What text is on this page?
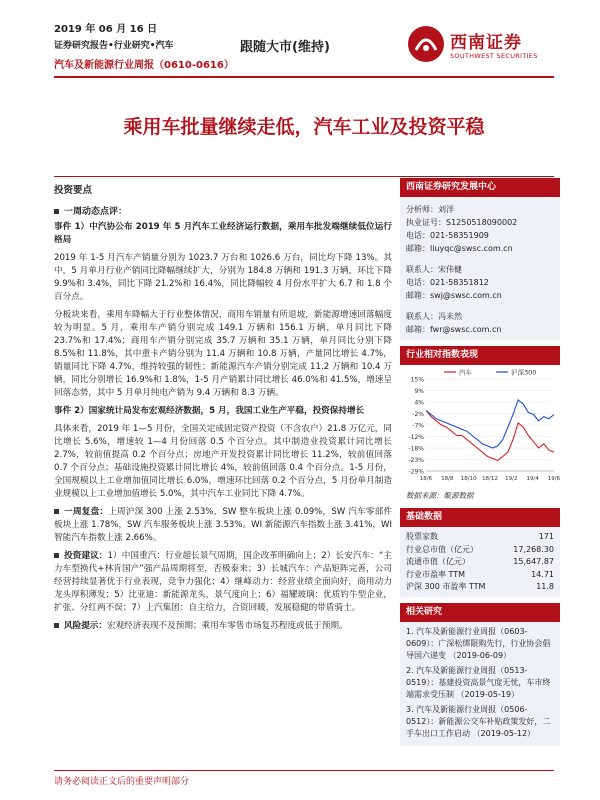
2019 年 06 月 16 日
证券研究报告•行业研究•汽车
汽车及新能源行业周报（0610-0616）
跟随大市(维持)	西南证券
SOUTHWEST SECURITIES
乘用车批量继续走低，汽车工业及投资平稳
投资要点
一周动态点评：

事件 1）中汽协公布 2019 年 5 月汽车工业经济运行数据，乘用车批发端继续低位运行格局

2019 年 1-5 月汽车产销量分别为 1023.7 万台和 1026.6 万台，同比均下降 13%。其中，5 月单月行业产销同比降幅继续扩大，分别为 184.8 万辆和 191.3 万辆，环比下降 9.9%和 3.4%，同比下降 21.2%和 16.4%，同比降幅较 4 月份水平扩大 6.7 和 1.8 个百分点。

分板块来看，乘用车降幅大于行业整体情况，商用车销量有所退坡，新能源增速回落幅度较为明显。5 月，乘用车产销分别完成 149.1 万辆和 156.1 万辆，单月同比下降 23.7%和 17.4%；商用车产销分别完成 35.7 万辆和 35.1 万辆，单月同比分别下降 8.5%和 11.8%，其中重卡产销分别为 11.4 万辆和 10.8 万辆，产量同比增长 4.7%，销量同比下降 4.7%，维持较强的韧性；新能源汽车产销分别完成 11.2 万辆和 10.4 万辆，同比分别增长 16.9%和 1.8%，1-5 月产销累计同比增长 46.0%和 41.5%，增速呈回落态势，其中 5 月单月纯电产销为 9.4 万辆和 8.3 万辆。

事件 2）国家统计局发布宏观经济数据，5 月，我国工业生产平稳，投资保持增长

具体来看，2019 年 1—5 月份，全国关定成固定资产投资（不含农户）21.8 万亿元，同比增长 5.6%，增速较 1—4 月份回落 0.5 个百分点。其中制造业投资累计同比增长 2.7%，较前值提高 0.2 个百分点；房地产开发投资累计同比增长 11.2%，较前值回落 0.7 个百分点；基础设施投资累计同比增长 4%，较前值回落 0.4 个百分点。1-5 月份，全国规模以上工业增加值同比增长 6.0%，增速环比回落 0.2 个百分点，5 月份单月制造业规模以上工业增加值增长 5.0%，其中汽车工业同比下降 4.7%。

一周复盘：上周沪深 300 上涨 2.53%，SW 整车板块上涨 0.09%，SW 汽车零部件板块上涨 1.78%，SW 汽车服务板块上涨 3.53%。WI 新能源汽车指数上涨 3.41%，WI 智能汽车指数上涨 2.66%。

投资建议：1）中国重汽：行业超长景气周期，国企改革明确向上；2）长安汽车：“主力车型换代+林肯国产”强产品周期将至，否极泰来；3）长城汽车：产品矩阵完善，公司经营持续显著优于行业表现，竞争力强化；4）继峰动力：经营业绩全面向好，商用动力龙头厚积薄发；5）比亚迪：新能源龙头，景气度向上；6）福耀玻璃：优质钓牛型企业，扩张、分红两不误；7）上汽集团：自主给力，合资回暖，发展稳健的带盾骑士。

风险提示：宏观经济表现不及预期；乘用车零售市场复苏程度或低于预期。

西南证券研究发展中心
分析师：刘洋
执业证号：S1250518090002
电话：021-58351909
邮箱：liuyqc@swsc.com.cn
联系人：宋伟健
电话：021-58351812
邮箱：swj@swsc.com.cn
联系人：冯未然
邮箱：fwr@swsc.com.cn
行业相对指数表现
15%
9%
4%
-2%
-7%
-12%
-18%
-23%
-29%
18/6 18/8 18/10 18/12 19/2 19/4 19/6
汽车	沪深300
数据来源：聚源数据
基础数据
股票家数	171
行业总市值（亿元）	17,268.30
流通市值（亿元）	15,647.87
行业市盈率 TTM	14.71
沪深 300 市盈率 TTM	11.8
相关研究
1. 汽车及新能源行业周报（0603-0609）：广深松绑限购先行，行业协会倡导国六递变 （2019-06-09）
2. 汽车及新能源行业周报（0513-0519）：基建投资高景气度无忧，车市终端需求受压制 （2019-05-19）
3. 汽车及新能源行业周报（0506-0512）：新能源公交车补贴政策发好，二手车出口工作启动 （2019-05-12）
请务必阅读正文后的重要声明部分
